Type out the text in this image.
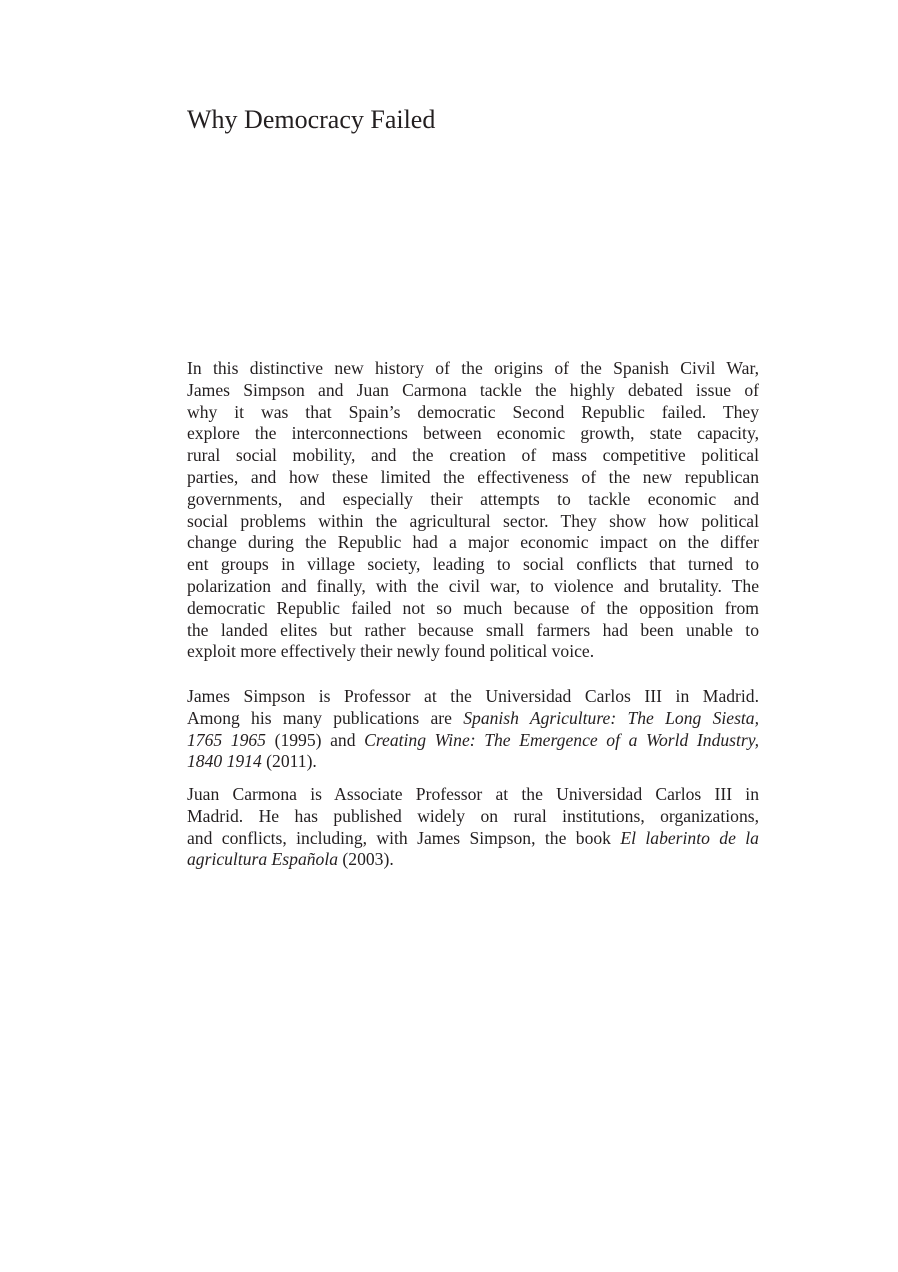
Why Democracy Failed
In this distinctive new history of the origins of the Spanish Civil War,
James Simpson and Juan Carmona tackle the highly debated issue of
why it was that Spain’s democratic Second Republic failed. They
explore the interconnections between economic growth, state capacity,
rural social mobility, and the creation of mass competitive political
parties, and how these limited the effectiveness of the new republican
governments, and especially their attempts to tackle economic and
social problems within the agricultural sector. They show how political
change during the Republic had a major economic impact on the differ
ent groups in village society, leading to social conflicts that turned to
polarization and finally, with the civil war, to violence and brutality. The
democratic Republic failed not so much because of the opposition from
the landed elites but rather because small farmers had been unable to
exploit more effectively their newly found political voice.
James Simpson is Professor at the Universidad Carlos III in Madrid.
Among his many publications are Spanish Agriculture: The Long Siesta,
1765 1965 (1995) and Creating Wine: The Emergence of a World Industry,
1840 1914 (2011).
Juan Carmona is Associate Professor at the Universidad Carlos III in
Madrid. He has published widely on rural institutions, organizations,
and conflicts, including, with James Simpson, the book El laberinto de la
agricultura Española (2003).
